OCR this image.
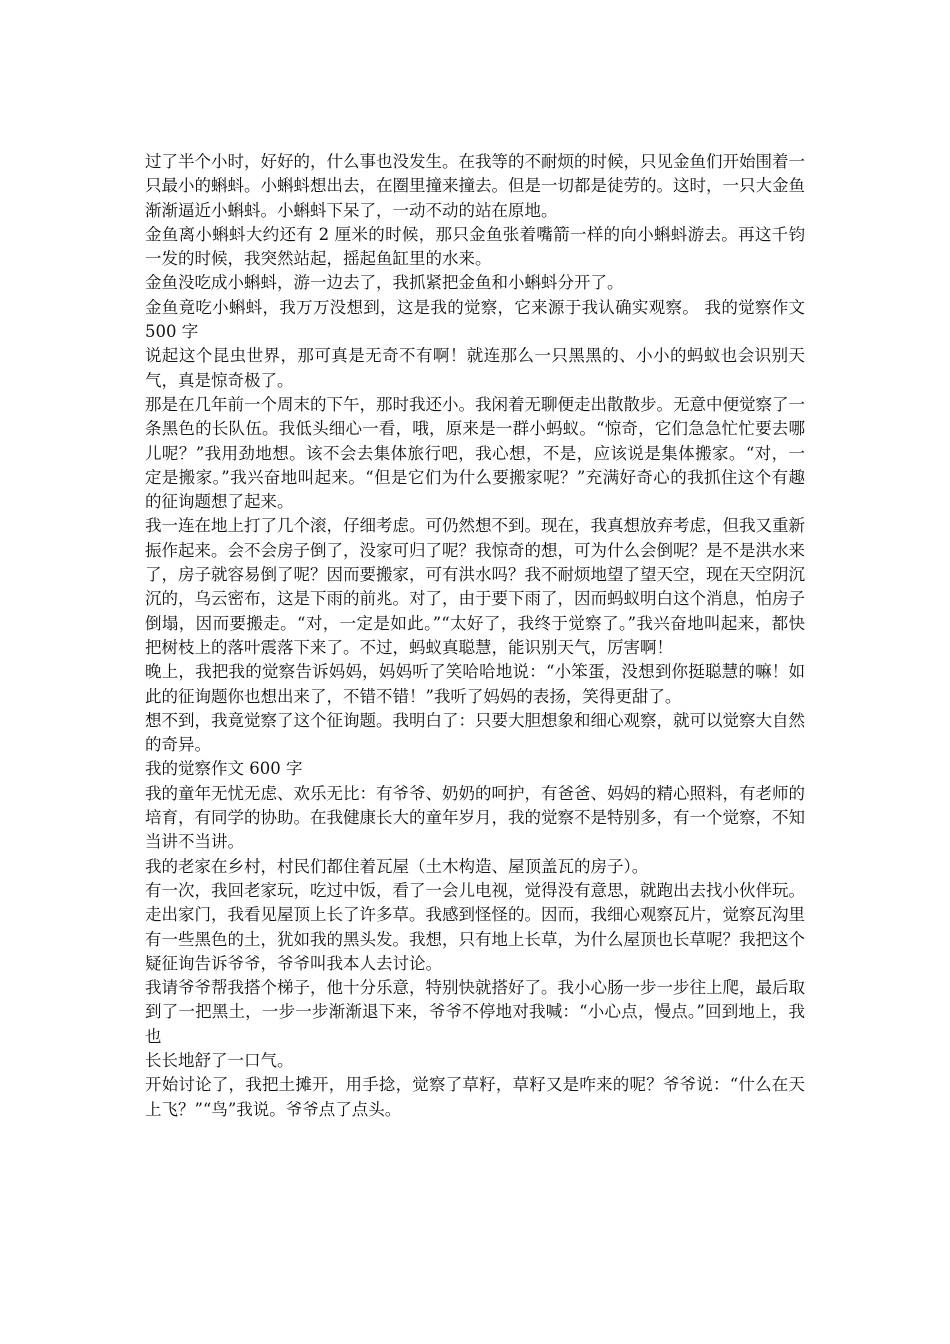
过了半个小时，好好的，什么事也没发生。在我等的不耐烦的时候，只见金鱼们开始围着一只最小的蝌蚪。小蝌蚪想出去，在圈里撞来撞去。但是一切都是徒劳的。这时，一只大金鱼渐渐逼近小蝌蚪。小蝌蚪下呆了，一动不动的站在原地。

金鱼离小蝌蚪大约还有 2 厘米的时候，那只金鱼张着嘴箭一样的向小蝌蚪游去。再这千钧一发的时候，我突然站起，摇起鱼缸里的水来。

金鱼没吃成小蝌蚪，游一边去了，我抓紧把金鱼和小蝌蚪分开了。

金鱼竟吃小蝌蚪，我万万没想到，这是我的觉察，它来源于我认确实观察。 我的觉察作文 500 字

说起这个昆虫世界，那可真是无奇不有啊！就连那么一只黑黑的、小小的蚂蚁也会识别天气，真是惊奇极了。

那是在几年前一个周末的下午，那时我还小。我闲着无聊便走出散散步。无意中便觉察了一条黑色的长队伍。我低头细心一看，哦，原来是一群小蚂蚁。“惊奇，它们急急忙忙要去哪儿呢？”我用劲地想。该不会去集体旅行吧，我心想，不是，应该说是集体搬家。“对，一定是搬家。”我兴奋地叫起来。“但是它们为什么要搬家呢？”充满好奇心的我抓住这个有趣的征询题想了起来。

我一连在地上打了几个滚，仔细考虑。可仍然想不到。现在，我真想放弃考虑，但我又重新振作起来。会不会房子倒了，没家可归了呢？我惊奇的想，可为什么会倒呢？是不是洪水来了，房子就容易倒了呢？因而要搬家，可有洪水吗？我不耐烦地望了望天空，现在天空阴沉沉的，乌云密布，这是下雨的前兆。对了，由于要下雨了，因而蚂蚁明白这个消息，怕房子倒塌，因而要搬走。“对，一定是如此。”“太好了，我终于觉察了。”我兴奋地叫起来，都快把树枝上的落叶震落下来了。不过，蚂蚁真聪慧，能识别天气，厉害啊！

晚上，我把我的觉察告诉妈妈，妈妈听了笑哈哈地说：“小笨蛋，没想到你挺聪慧的嘛！如此的征询题你也想出来了，不错不错！”我听了妈妈的表扬，笑得更甜了。

想不到，我竟觉察了这个征询题。我明白了：只要大胆想象和细心观察，就可以觉察大自然的奇异。

我的觉察作文 600 字

我的童年无忧无虑、欢乐无比：有爷爷、奶奶的呵护，有爸爸、妈妈的精心照料，有老师的培育，有同学的协助。在我健康长大的童年岁月，我的觉察不是特别多，有一个觉察，不知当讲不当讲。

我的老家在乡村，村民们都住着瓦屋（土木构造、屋顶盖瓦的房子）。

有一次，我回老家玩，吃过中饭，看了一会儿电视，觉得没有意思，就跑出去找小伙伴玩。 走出家门，我看见屋顶上长了许多草。我感到怪怪的。因而，我细心观察瓦片，觉察瓦沟里有一些黑色的土，犹如我的黑头发。我想，只有地上长草，为什么屋顶也长草呢？我把这个疑征询告诉爷爷，爷爷叫我本人去讨论。

我请爷爷帮我搭个梯子，他十分乐意，特别快就搭好了。我小心肠一步一步往上爬，最后取到了一把黑土，一步一步渐渐退下来，爷爷不停地对我喊：“小心点，慢点。”回到地上，我也

长长地舒了一口气。

开始讨论了，我把土摊开，用手捻，觉察了草籽，草籽又是咋来的呢？爷爷说：“什么在天上飞？”“鸟”我说。爷爷点了点头。
